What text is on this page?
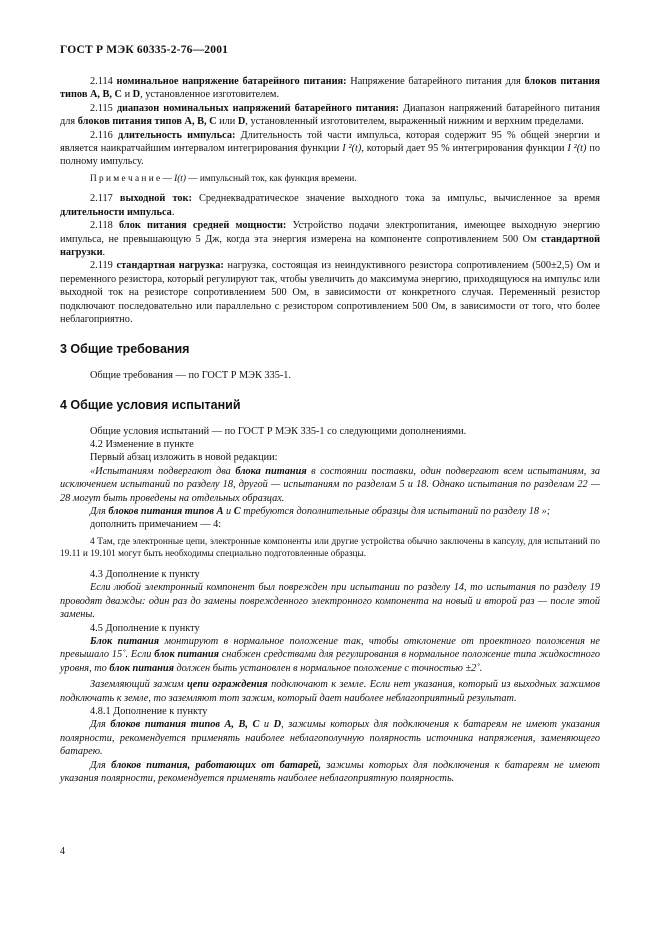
ГОСТ Р МЭК 60335-2-76—2001

2.114 номинальное напряжение батарейного питания: Напряжение батарейного питания для блоков питания типов А, В, С и D, установленное изготовителем.

2.115 диапазон номинальных напряжений батарейного питания: Диапазон напряжений батарейного питания для блоков питания типов А, В, С или D, установленный изготовителем, выраженный нижним и верхним пределами.

2.116 длительность импульса: Длительность той части импульса, которая содержит 95 % общей энергии и является наикратчайшим интервалом интегрирования функции I ²(t), который дает 95 % интегрирования функции I ²(t) по полному импульсу.

П р и м е ч а н и е — I(t) — импульсный ток, как функция времени.

2.117 выходной ток: Среднеквадратическое значение выходного тока за импульс, вычисленное за время длительности импульса.

2.118 блок питания средней мощности: Устройство подачи электропитания, имеющее выходную энергию импульса, не превышающую 5 Дж, когда эта энергия измерена на компоненте сопротивлением 500 Ом стандартной нагрузки.

2.119 стандартная нагрузка: нагрузка, состоящая из неиндуктивного резистора сопротивлением (500±2,5) Ом и переменного резистора, который регулируют так, чтобы увеличить до максимума энергию, приходящуюся на импульс или выходной ток на резисторе сопротивлением 500 Ом, в зависимости от конкретного случая. Переменный резистор подключают последовательно или параллельно с резистором сопротивлением 500 Ом, в зависимости от того, что более неблагоприятно.

3 Общие требования

Общие требования — по ГОСТ Р МЭК 335-1.

4 Общие условия испытаний

Общие условия испытаний — по ГОСТ Р МЭК 335-1 со следующими дополнениями.

4.2 Изменение в пункте

Первый абзац изложить в новой редакции:

«Испытаниям подвергают два блока питания в состоянии поставки, один подвергают всем испытаниям, за исключением испытаний по разделу 18, другой — испытаниям по разделам 5 и 18. Однако испытания по разделам 22 — 28 могут быть проведены на отдельных образцах.

Для блоков питания типов А и С требуются дополнительные образцы для испытаний по разделу 18 »;

дополнить примечанием — 4:

4 Там, где электронные цепи, электронные компоненты или другие устройства обычно заключены в капсулу, для испытаний по 19.11 и 19.101 могут быть необходимы специально подготовленные образцы.

4.3 Дополнение к пункту

Если любой электронный компонент был поврежден при испытании по разделу 14, то испытания по разделу 19 проводят дважды: один раз до замены поврежденного электронного компонента на новый и второй раз — после этой замены.

4.5 Дополнение к пункту

Блок питания монтируют в нормальное положение так, чтобы отклонение от проектного положения не превышало 15˚. Если блок питания снабжен средствами для регулирования в нормальное положение типа жидкостного уровня, то блок питания должен быть установлен в нормальное положение с точностью ±2˚.

Заземляющий зажим цепи ограждения подключают к земле. Если нет указания, который из выходных зажимов подключать к земле, то заземляют тот зажим, который дает наиболее неблагоприятный результат.

4.8.1 Дополнение к пункту

Для блоков питания типов А, В, С и D, зажимы которых для подключения к батареям не имеют указания полярности, рекомендуется применять наиболее неблагополучную полярность источника напряжения, заменяющего батарею.

Для блоков питания, работающих от батарей, зажимы которых для подключения к батареям не имеют указания полярности, рекомендуется применять наиболее неблагоприятную полярность.

4
